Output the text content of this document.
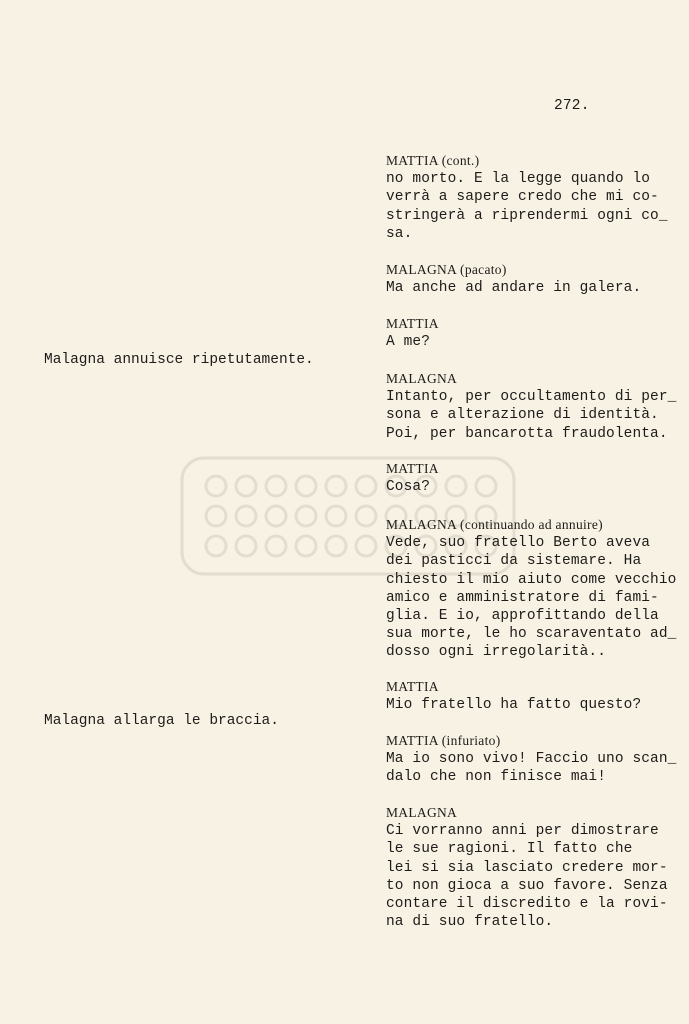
272.
Malagna annuisce ripetutamente.
Malagna allarga le braccia.
MATTIA (cont.)
no morto. E la legge quando lo
verrà a sapere credo che mi co-
stringerà a riprendermi ogni co_
sa.
MALAGNA (pacato)
Ma anche ad andare in galera.
MATTIA
A me?
MALAGNA
Intanto, per occultamento di per_
sona e alterazione di identità.
Poi, per bancarotta fraudolenta.
MATTIA
Cosa?
MALAGNA (continuando ad annuire)
Vede, suo fratello Berto aveva
dei pasticci da sistemare. Ha
chiesto il mio aiuto come vecchio
amico e amministratore di fami-
glia. E io, approfittando della
sua morte, le ho scaraventato ad_
dosso ogni irregolarità..
MATTIA
Mio fratello ha fatto questo?
MATTIA (infuriato)
Ma io sono vivo! Faccio uno scan_
dalo che non finisce mai!
MALAGNA
Ci vorranno anni per dimostrare
le sue ragioni. Il fatto che
lei si sia lasciato credere mor-
to non gioca a suo favore. Senza
contare il discredito e la rovi-
na di suo fratello.
